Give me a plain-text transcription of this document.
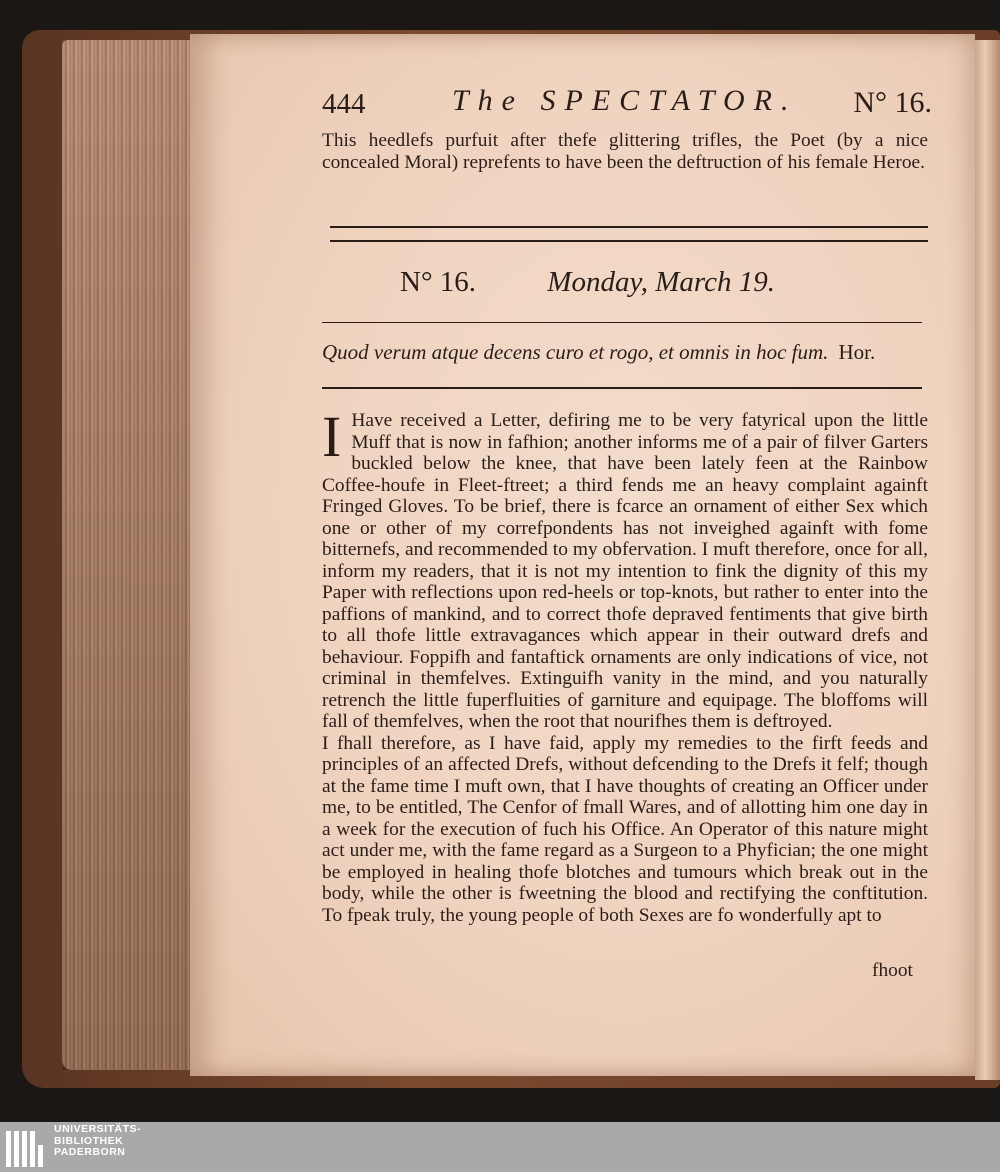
444	The SPECTATOR. N° 16.
This heedlefs purfuit after thefe glittering trifles, the Poet (by a nice concealed Moral) reprefents to have been the deftruction of his female Heroe.
N° 16. Monday, March 19.
Quod verum atque decens curo et rogo, et omnis in hoc fum. Hor.

I Have received a Letter, defiring me to be very fatyrical upon the little Muff that is now in fafhion; another informs me of a pair of filver Garters buckled below the knee, that have been lately feen at the Rainbow Coffee-houfe in Fleet-ftreet; a third fends me an heavy complaint againft Fringed Gloves. To be brief, there is fcarce an ornament of either Sex which one or other of my correfpondents has not inveighed againft with fome bitternefs, and recommended to my obfervation. I muft therefore, once for all, inform my readers, that it is not my intention to fink the dignity of this my Paper with reflections upon red-heels or top-knots, but rather to enter into the paffions of mankind, and to correct thofe depraved fentiments that give birth to all thofe little extravagances which appear in their outward drefs and behaviour. Foppifh and fantaftick ornaments are only indications of vice, not criminal in themfelves. Extinguifh vanity in the mind, and you naturally retrench the little fuperfluities of garniture and equipage. The bloffoms will fall of themfelves, when the root that nourifhes them is deftroyed.

I fhall therefore, as I have faid, apply my remedies to the firft feeds and principles of an affected Drefs, without defcending to the Drefs it felf; though at the fame time I muft own, that I have thoughts of creating an Officer under me, to be entitled, The Cenfor of fmall Wares, and of allotting him one day in a week for the execution of fuch his Office. An Operator of this nature might act under me, with the fame regard as a Surgeon to a Phyfician; the one might be employed in healing thofe blotches and tumours which break out in the body, while the other is fweetning the blood and rectifying the conftitution. To fpeak truly, the young people of both Sexes are fo wonderfully apt to

fhoot
UNIVERSITÄTS-
BIBLIOTHEK
PADERBORN
